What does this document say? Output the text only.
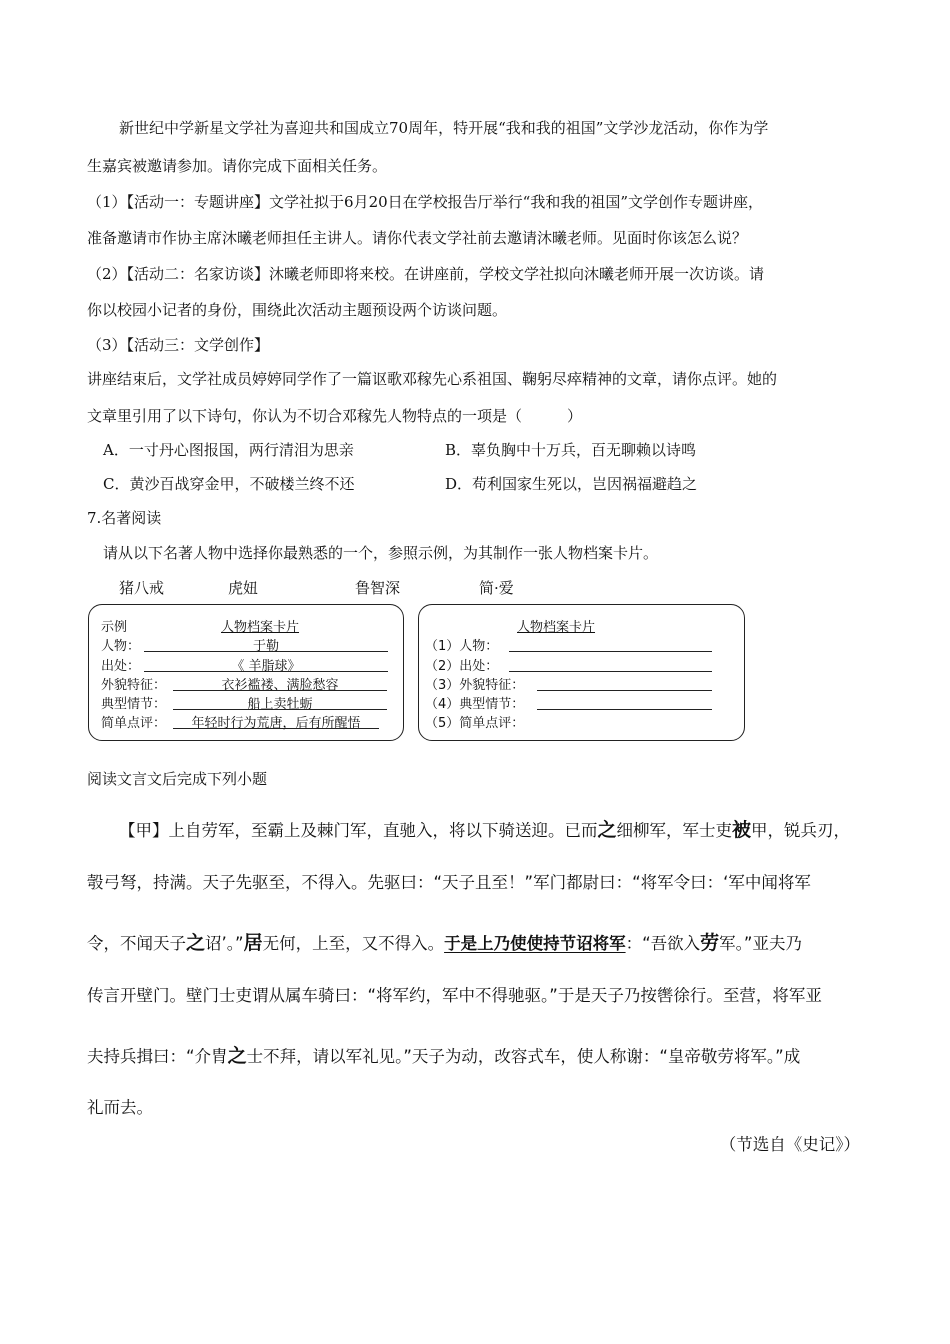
新世纪中学新星文学社为喜迎共和国成立70周年，特开展“我和我的祖国”文学沙龙活动，你作为学
生嘉宾被邀请参加。请你完成下面相关任务。
（1）【活动一：专题讲座】文学社拟于6月20日在学校报告厅举行“我和我的祖国”文学创作专题讲座，
准备邀请市作协主席沐曦老师担任主讲人。请你代表文学社前去邀请沐曦老师。见面时你该怎么说？
（2）【活动二：名家访谈】沐曦老师即将来校。在讲座前，学校文学社拟向沐曦老师开展一次访谈。请
你以校园小记者的身份，围绕此次活动主题预设两个访谈问题。
（3）【活动三：文学创作】
讲座结束后，文学社成员婷婷同学作了一篇讴歌邓稼先心系祖国、鞠躬尽瘁精神的文章，请你点评。她的
文章里引用了以下诗句，你认为不切合邓稼先人物特点的一项是（　　　）
A．一寸丹心图报国，两行清泪为思亲	B．辜负胸中十万兵，百无聊赖以诗鸣
C．黄沙百战穿金甲，不破楼兰终不还	D．苟利国家生死以，岂因祸福避趋之
7.名著阅读
请从以下名著人物中选择你最熟悉的一个，参照示例，为其制作一张人物档案卡片。
猪八戒	虎妞	鲁智深	简·爱
示例	人物档案卡片
人物：	于勒
出处：	《 羊脂球》
外貌特征：	衣衫褴褛、满脸愁容
典型情节：	船上卖牡蛎
简单点评：	年轻时行为荒唐，后有所醒悟
人物档案卡片
（1）人物：
（2）出处：
（3）外貌特征：
（4）典型情节：
（5）简单点评：
阅读文言文后完成下列小题
【甲】上自劳军，至霸上及棘门军，直驰入，将以下骑送迎。已而之细柳军，军士吏被甲，锐兵刃，
彀弓弩，持满。天子先驱至，不得入。先驱曰：“天子且至！”军门都尉曰：“将军令曰：‘军中闻将军
令，不闻天子之诏’。”居无何，上至，又不得入。于是上乃使使持节诏将军：“吾欲入劳军。”亚夫乃
传言开壁门。壁门士吏谓从属车骑曰：“将军约，军中不得驰驱。”于是天子乃按辔徐行。至营，将军亚
夫持兵揖曰：“介胄之士不拜，请以军礼见。”天子为动，改容式车，使人称谢：“皇帝敬劳将军。”成
礼而去。
（节选自《史记》）
